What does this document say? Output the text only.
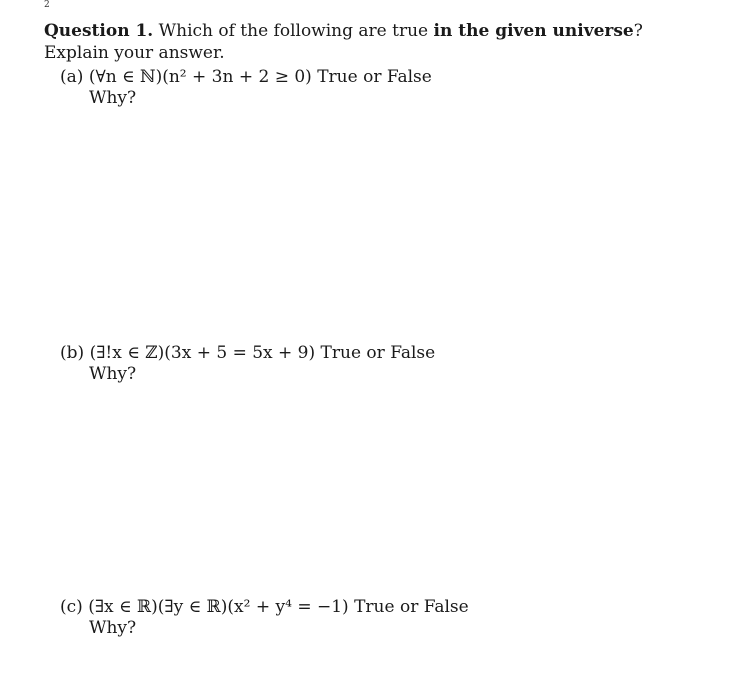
2
Question 1. Which of the following are true in the given universe? Explain your answer.
(a) (∀n ∈ ℕ)(n² + 3n + 2 ≥ 0) True or False
Why?
(b) (∃!x ∈ ℤ)(3x + 5 = 5x + 9) True or False
Why?
(c) (∃x ∈ ℝ)(∃y ∈ ℝ)(x² + y⁴ = −1) True or False
Why?
